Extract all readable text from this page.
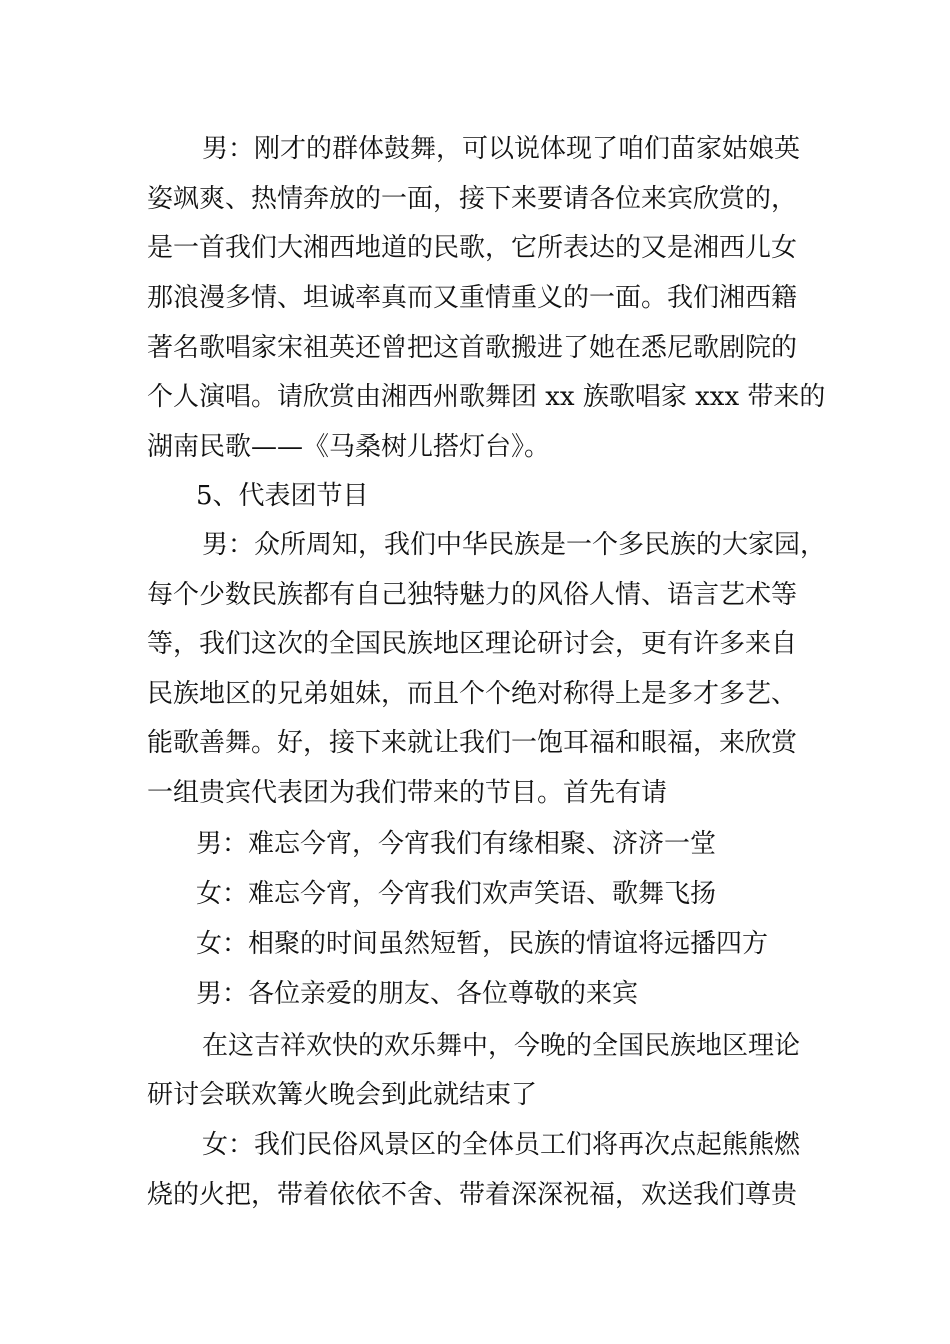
男：刚才的群体鼓舞，可以说体现了咱们苗家姑娘英
姿飒爽、热情奔放的一面，接下来要请各位来宾欣赏的，
是一首我们大湘西地道的民歌，它所表达的又是湘西儿女
那浪漫多情、坦诚率真而又重情重义的一面。我们湘西籍
著名歌唱家宋祖英还曾把这首歌搬进了她在悉尼歌剧院的
个人演唱。请欣赏由湘西州歌舞团 xx 族歌唱家 xxx 带来的
湖南民歌——《马桑树儿搭灯台》。
5、代表团节目
男：众所周知，我们中华民族是一个多民族的大家园，
每个少数民族都有自己独特魅力的风俗人情、语言艺术等
等，我们这次的全国民族地区理论研讨会，更有许多来自
民族地区的兄弟姐妹，而且个个绝对称得上是多才多艺、
能歌善舞。好，接下来就让我们一饱耳福和眼福，来欣赏
一组贵宾代表团为我们带来的节目。首先有请
男：难忘今宵，今宵我们有缘相聚、济济一堂
女：难忘今宵，今宵我们欢声笑语、歌舞飞扬
女：相聚的时间虽然短暂，民族的情谊将远播四方
男：各位亲爱的朋友、各位尊敬的来宾
在这吉祥欢快的欢乐舞中，今晚的全国民族地区理论
研讨会联欢篝火晚会到此就结束了
女：我们民俗风景区的全体员工们将再次点起熊熊燃
烧的火把，带着依依不舍、带着深深祝福，欢送我们尊贵
